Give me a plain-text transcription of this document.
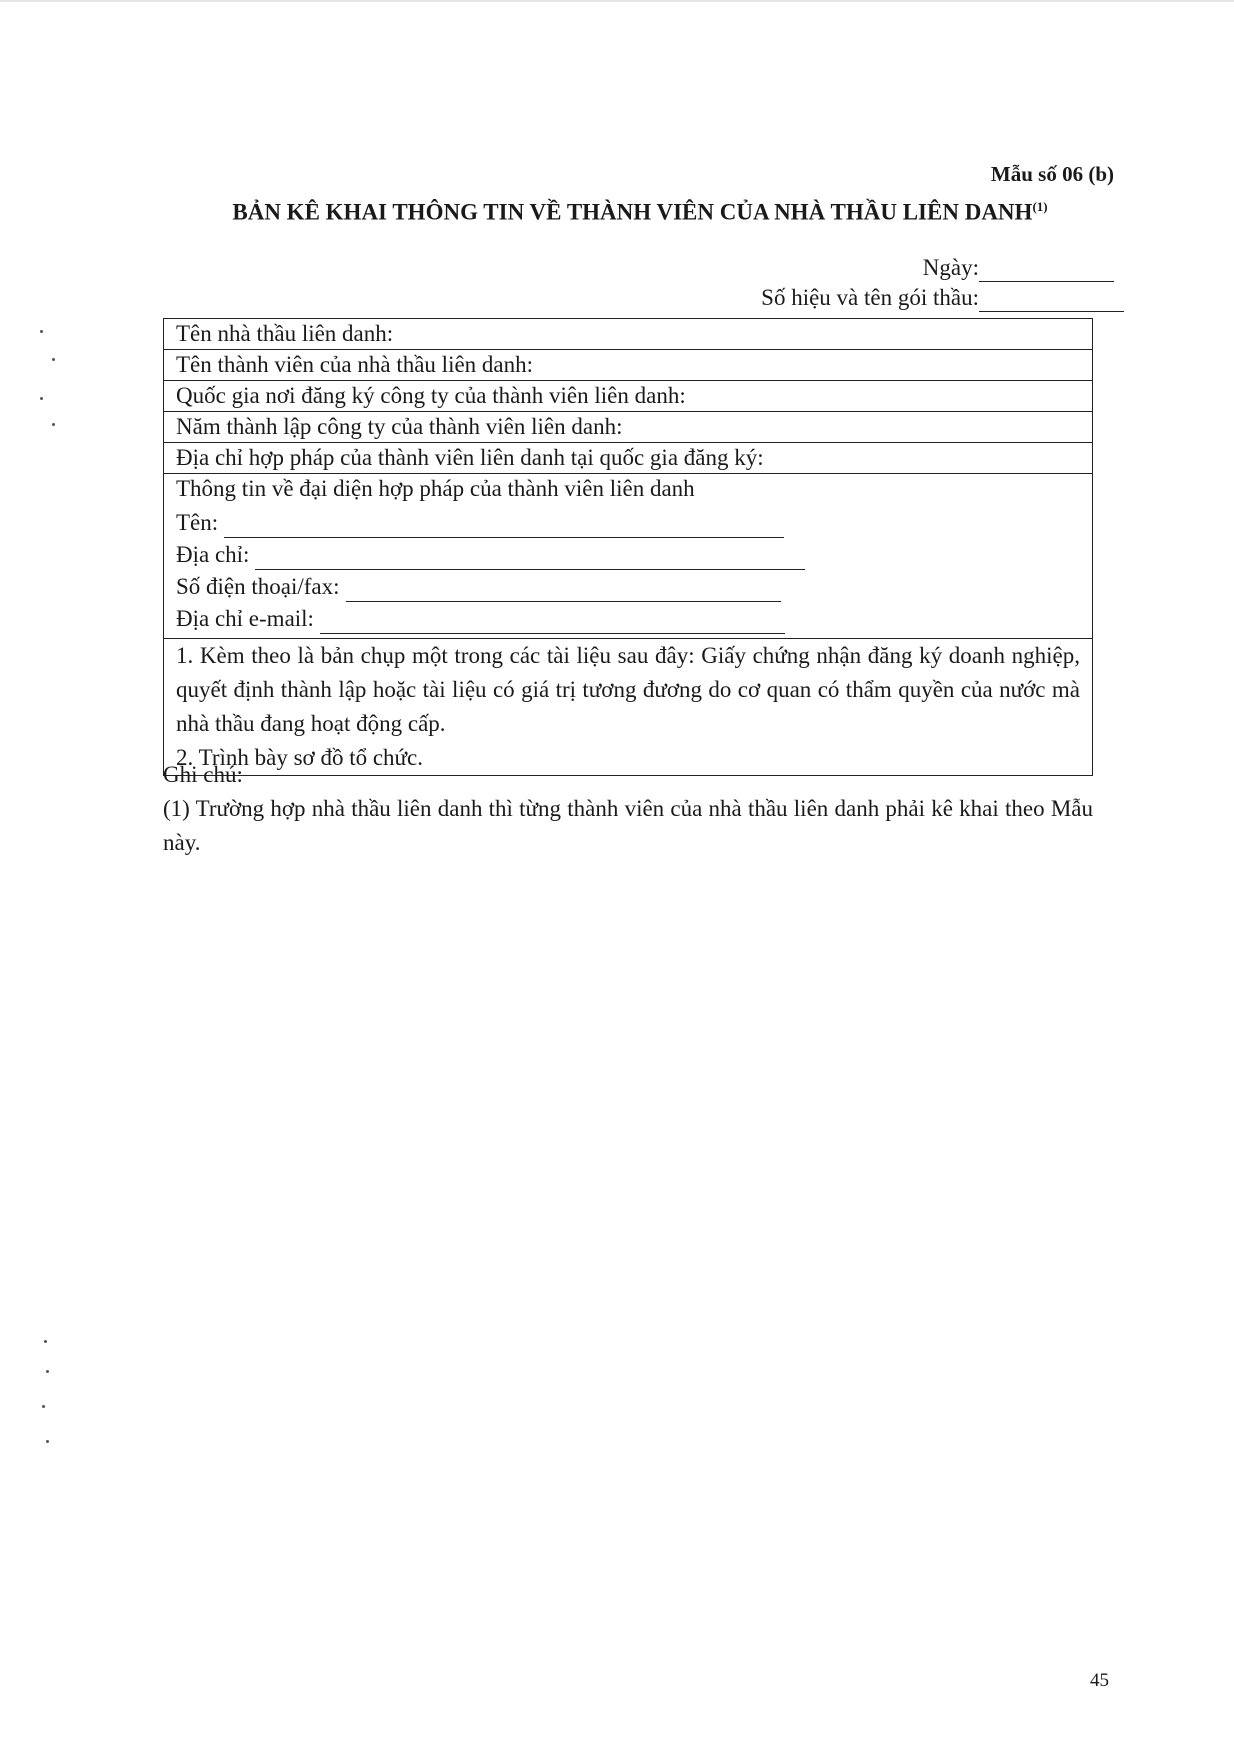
Mẫu số 06 (b)
BẢN KÊ KHAI THÔNG TIN VỀ THÀNH VIÊN CỦA NHÀ THẦU LIÊN DANH$^{(1)}$
Ngày:
Số hiệu và tên gói thầu:
Tên nhà thầu liên danh:
Tên thành viên của nhà thầu liên danh:
Quốc gia nơi đăng ký công ty của thành viên liên danh:
Năm thành lập công ty của thành viên liên danh:
Địa chỉ hợp pháp của thành viên liên danh tại quốc gia đăng ký:

Thông tin về đại diện hợp pháp của thành viên liên danh
Tên:
Địa chỉ:
Số điện thoại/fax:
Địa chỉ e-mail:

1. Kèm theo là bản chụp một trong các tài liệu sau đây: Giấy chứng nhận đăng ký doanh nghiệp, quyết định thành lập hoặc tài liệu có giá trị tương đương do cơ quan có thẩm quyền của nước mà nhà thầu đang hoạt động cấp.
2. Trình bày sơ đồ tổ chức.

Ghi chú:

(1) Trường hợp nhà thầu liên danh thì từng thành viên của nhà thầu liên danh phải kê khai theo Mẫu này.

45
